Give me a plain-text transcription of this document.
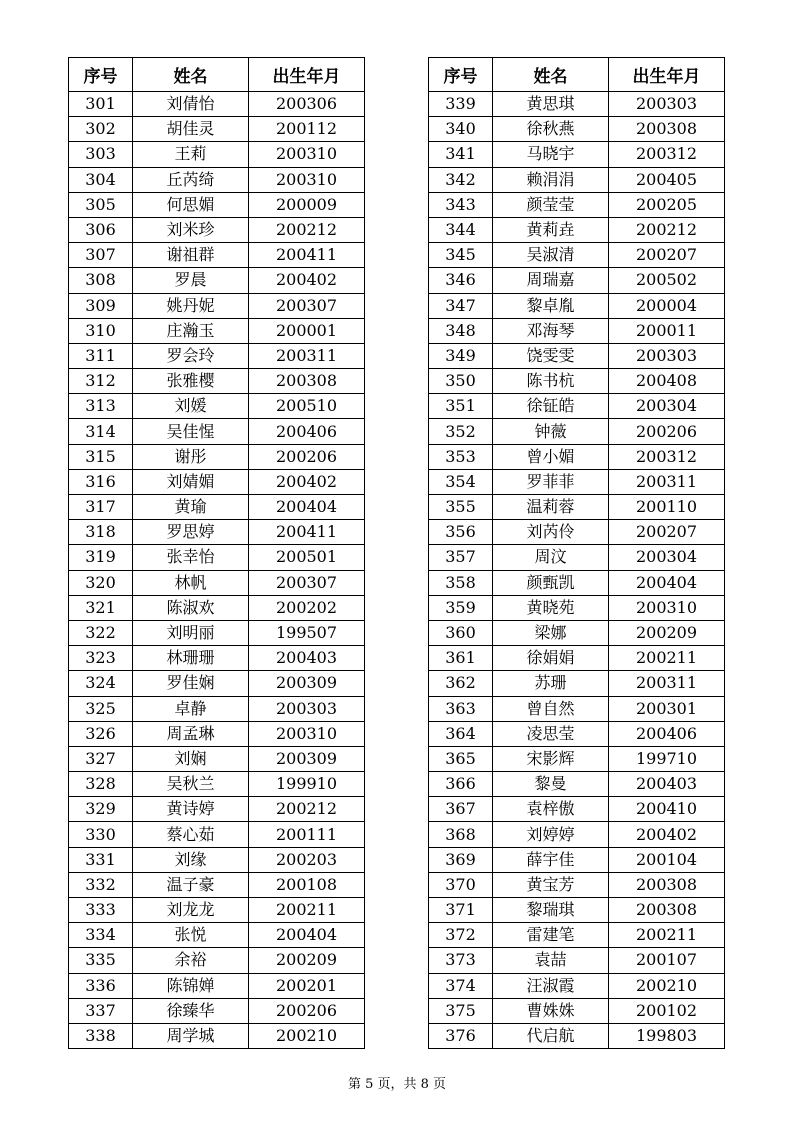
序号	姓名	出生年月
301	刘倩怡	200306
302	胡佳灵	200112
303	王莉	200310
304	丘芮绮	200310
305	何思媚	200009
306	刘米珍	200212
307	谢祖群	200411
308	罗晨	200402
309	姚丹妮	200307
310	庄瀚玉	200001
311	罗会玲	200311
312	张雅樱	200308
313	刘媛	200510
314	吴佳惺	200406
315	谢彤	200206
316	刘婧媚	200402
317	黄瑜	200404
318	罗思婷	200411
319	张幸怡	200501
320	林帆	200307
321	陈淑欢	200202
322	刘明丽	199507
323	林珊珊	200403
324	罗佳娴	200309
325	卓静	200303
326	周孟琳	200310
327	刘娴	200309
328	吴秋兰	199910
329	黄诗婷	200212
330	蔡心茹	200111
331	刘缘	200203
332	温子豪	200108
333	刘龙龙	200211
334	张悦	200404
335	余裕	200209
336	陈锦婵	200201
337	徐臻华	200206
338	周学城	200210
序号	姓名	出生年月
339	黄思琪	200303
340	徐秋燕	200308
341	马晓宇	200312
342	赖涓涓	200405
343	颜莹莹	200205
344	黄莉垚	200212
345	吴淑清	200207
346	周瑞嘉	200502
347	黎卓胤	200004
348	邓海琴	200011
349	饶雯雯	200303
350	陈书杭	200408
351	徐钲皓	200304
352	钟薇	200206
353	曾小媚	200312
354	罗菲菲	200311
355	温莉蓉	200110
356	刘芮伶	200207
357	周汶	200304
358	颜甄凯	200404
359	黄晓苑	200310
360	梁娜	200209
361	徐娟娟	200211
362	苏珊	200311
363	曾自然	200301
364	凌思莹	200406
365	宋影辉	199710
366	黎曼	200403
367	袁梓傲	200410
368	刘婷婷	200402
369	薛宇佳	200104
370	黄宝芳	200308
371	黎瑞琪	200308
372	雷建笔	200211
373	袁喆	200107
374	汪淑霞	200210
375	曹姝姝	200102
376	代启航	199803
第 5 页，共 8 页
